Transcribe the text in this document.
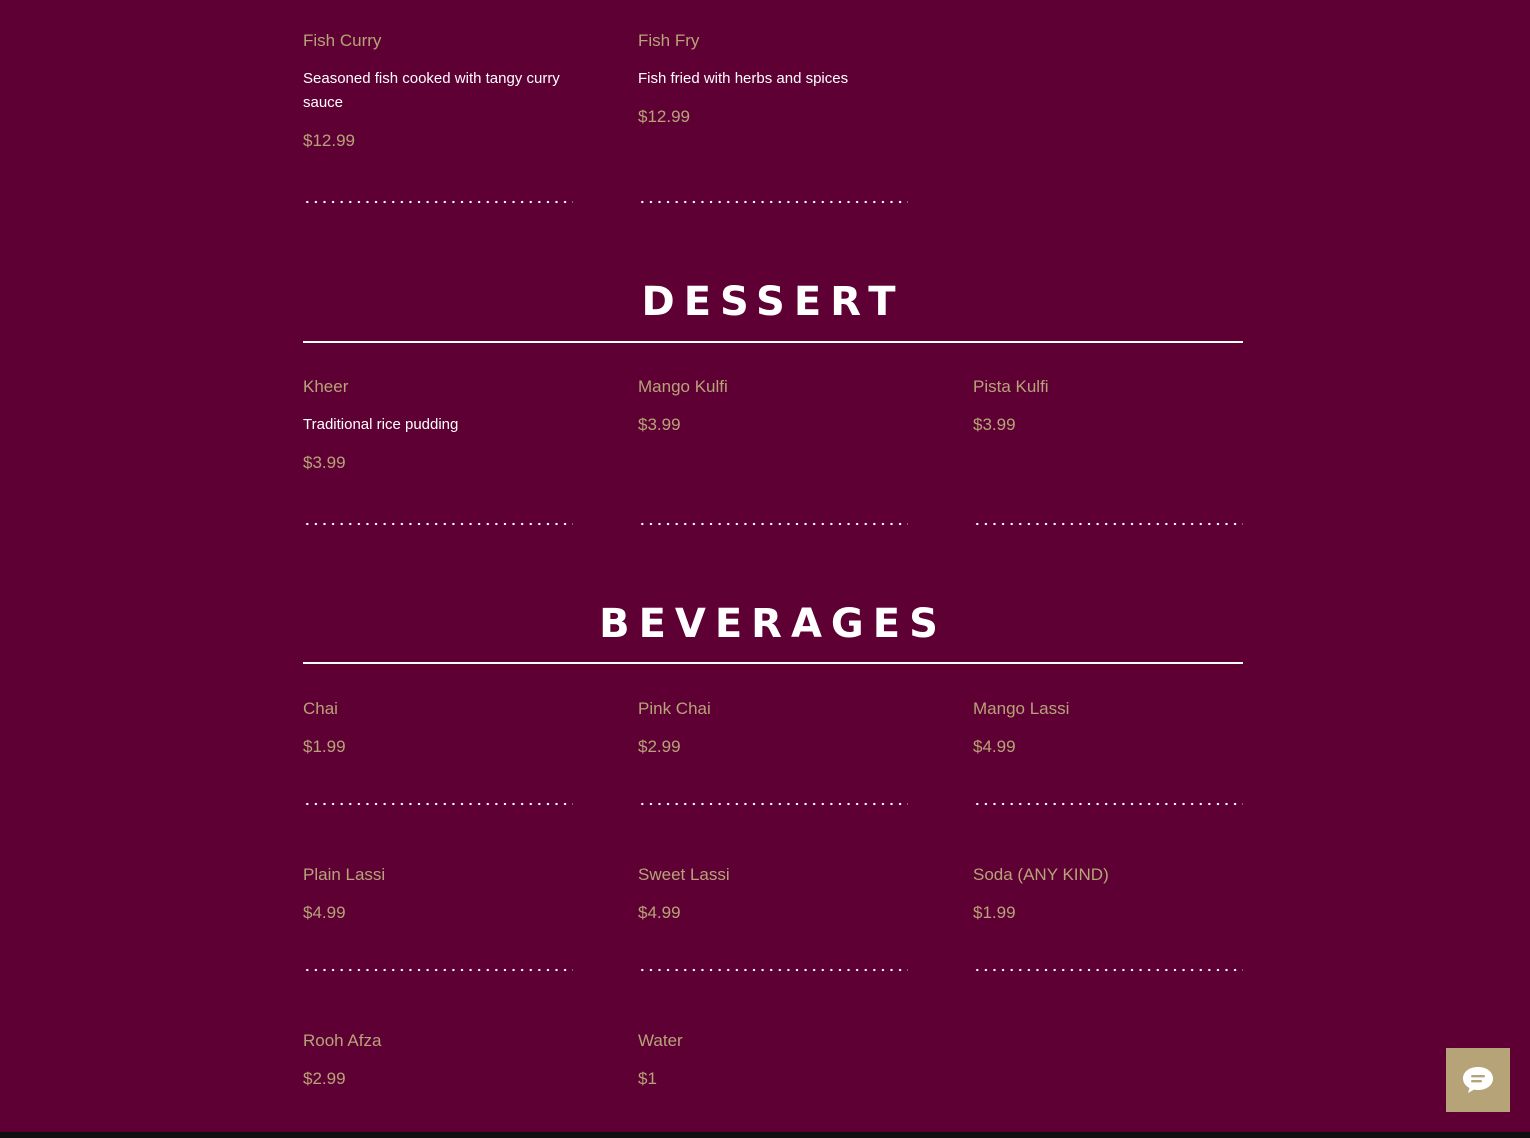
Fish Curry

Seasoned fish cooked with tangy curry sauce

$12.99

Fish Fry

Fish fried with herbs and spices

$12.99

DESSERT

Kheer

Traditional rice pudding

$3.99

Mango Kulfi

$3.99

Pista Kulfi

$3.99

BEVERAGES

Chai

$1.99

Pink Chai

$2.99

Mango Lassi

$4.99

Plain Lassi

$4.99

Sweet Lassi

$4.99

Soda (ANY KIND)

$1.99

Rooh Afza

$2.99

Water

$1
